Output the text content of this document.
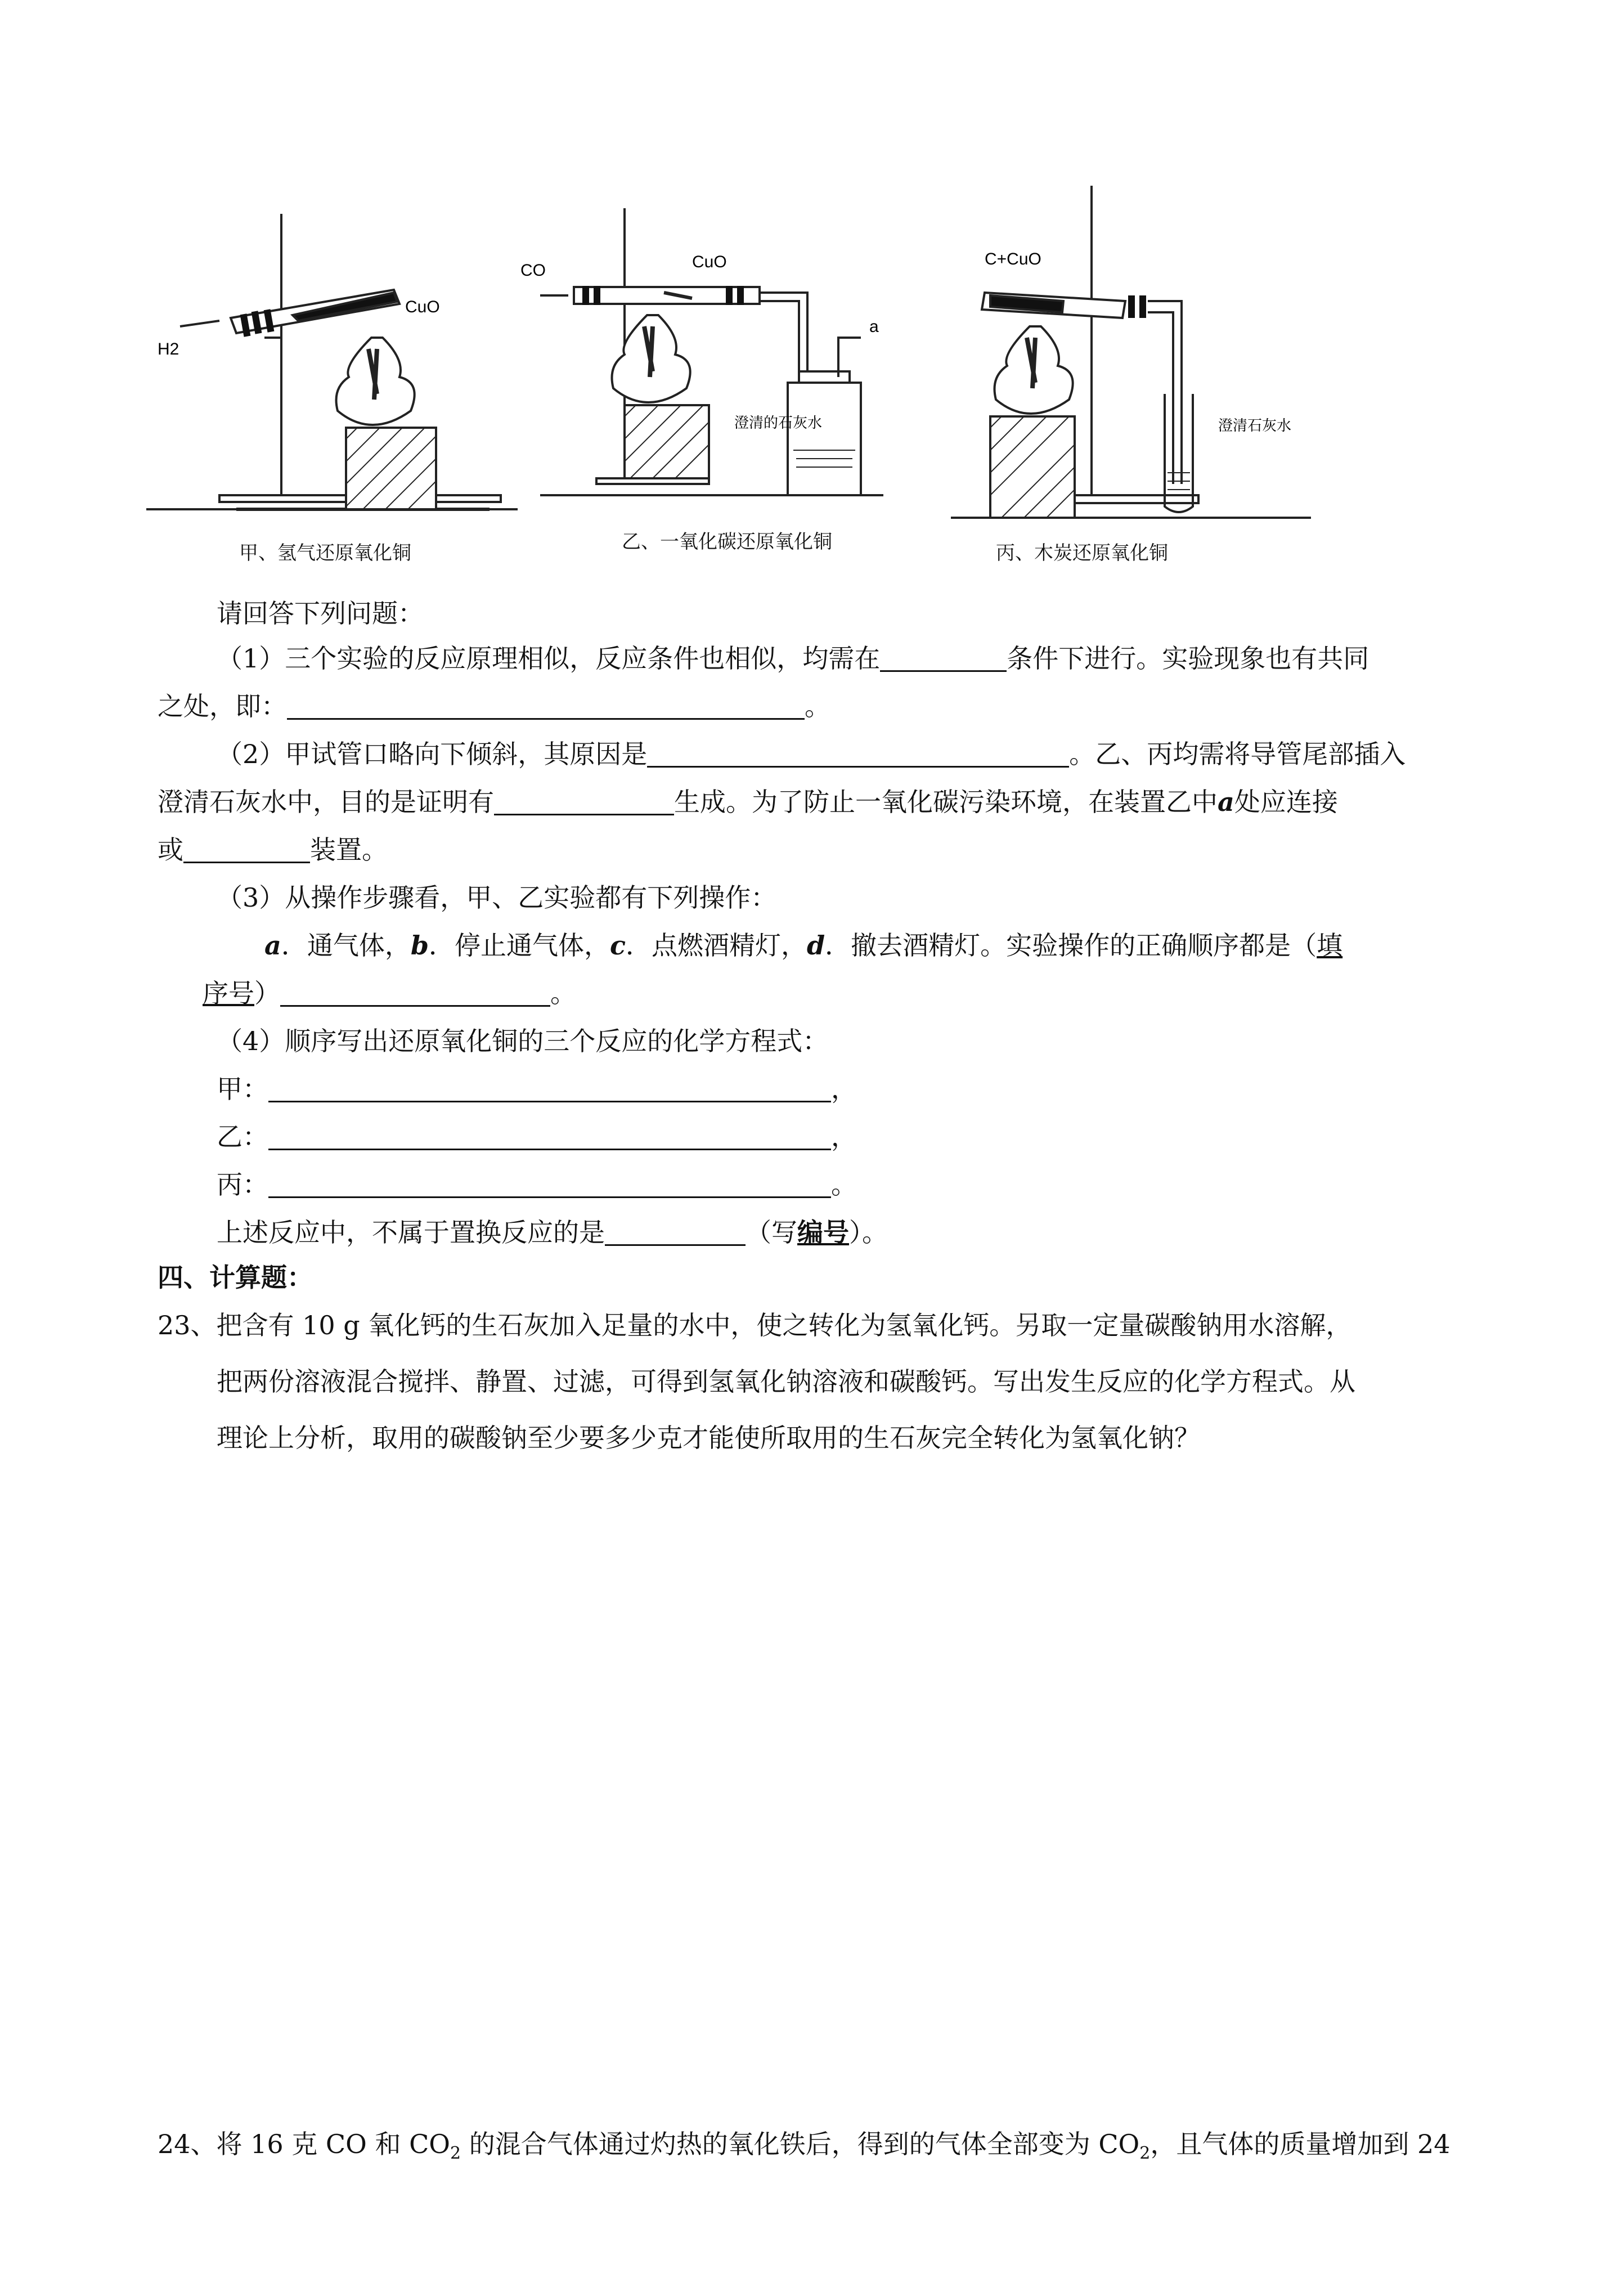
CuO
H2
甲、氢气还原氧化铜
CO	CuO
a
澄清的石灰水
乙、一氧化碳还原氧化铜
C+CuO
澄清石灰水
丙、木炭还原氧化铜
请回答下列问题：
（1）三个实验的反应原理相似，反应条件也相似，均需在	条件下进行。实验现象也有共同
之处，即：	。
（2）甲试管口略向下倾斜，其原因是	。乙、丙均需将导管尾部插入
澄清石灰水中，目的是证明有	生成。为了防止一氧化碳污染环境，在装置乙中a处应连接
或	装置。
（3）从操作步骤看，甲、乙实验都有下列操作：
a．通气体，b．停止通气体，c．点燃酒精灯，d．撤去酒精灯。实验操作的正确顺序都是（填
序号）	。
（4）顺序写出还原氧化铜的三个反应的化学方程式：
甲：	，
乙：	，
丙：	。
上述反应中，不属于置换反应的是	（写编号）。
四、计算题：
23、把含有 10 g 氧化钙的生石灰加入足量的水中，使之转化为氢氧化钙。另取一定量碳酸钠用水溶解，
把两份溶液混合搅拌、静置、过滤，可得到氢氧化钠溶液和碳酸钙。写出发生反应的化学方程式。从
理论上分析，取用的碳酸钠至少要多少克才能使所取用的生石灰完全转化为氢氧化钠？
24、将 16 克 CO 和 $CO_2$ 的混合气体通过灼热的氧化铁后，得到的气体全部变为 $CO_2$，且气体的质量增加到 24
